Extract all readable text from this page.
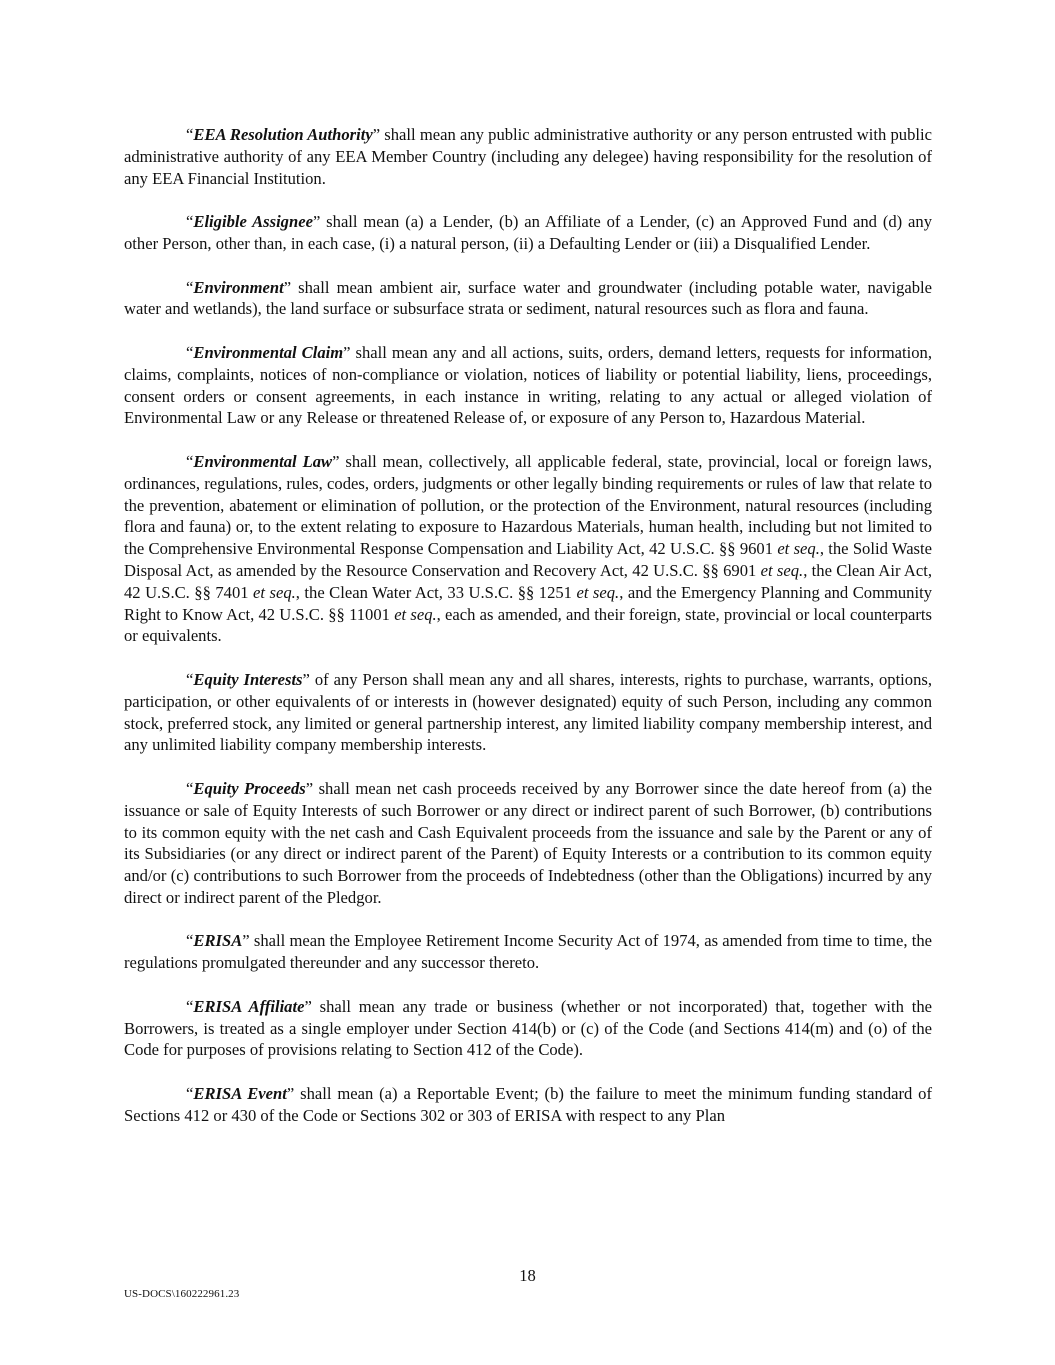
“EEA Resolution Authority” shall mean any public administrative authority or any person entrusted with public administrative authority of any EEA Member Country (including any delegee) having responsibility for the resolution of any EEA Financial Institution.

“Eligible Assignee” shall mean (a) a Lender, (b) an Affiliate of a Lender, (c) an Approved Fund and (d) any other Person, other than, in each case, (i) a natural person, (ii) a Defaulting Lender or (iii) a Disqualified Lender.

“Environment” shall mean ambient air, surface water and groundwater (including potable water, navigable water and wetlands), the land surface or subsurface strata or sediment, natural resources such as flora and fauna.

“Environmental Claim” shall mean any and all actions, suits, orders, demand letters, requests for information, claims, complaints, notices of non-compliance or violation, notices of liability or potential liability, liens, proceedings, consent orders or consent agreements, in each instance in writing, relating to any actual or alleged violation of Environmental Law or any Release or threatened Release of, or exposure of any Person to, Hazardous Material.

“Environmental Law” shall mean, collectively, all applicable federal, state, provincial, local or foreign laws, ordinances, regulations, rules, codes, orders, judgments or other legally binding requirements or rules of law that relate to the prevention, abatement or elimination of pollution, or the protection of the Environment, natural resources (including flora and fauna) or, to the extent relating to exposure to Hazardous Materials, human health, including but not limited to the Comprehensive Environmental Response Compensation and Liability Act, 42 U.S.C. §§ 9601 et seq., the Solid Waste Disposal Act, as amended by the Resource Conservation and Recovery Act, 42 U.S.C. §§ 6901 et seq., the Clean Air Act, 42 U.S.C. §§ 7401 et seq., the Clean Water Act, 33 U.S.C. §§ 1251 et seq., and the Emergency Planning and Community Right to Know Act, 42 U.S.C. §§ 11001 et seq., each as amended, and their foreign, state, provincial or local counterparts or equivalents.

“Equity Interests” of any Person shall mean any and all shares, interests, rights to purchase, warrants, options, participation, or other equivalents of or interests in (however designated) equity of such Person, including any common stock, preferred stock, any limited or general partnership interest, any limited liability company membership interest, and any unlimited liability company membership interests.

“Equity Proceeds” shall mean net cash proceeds received by any Borrower since the date hereof from (a) the issuance or sale of Equity Interests of such Borrower or any direct or indirect parent of such Borrower, (b) contributions to its common equity with the net cash and Cash Equivalent proceeds from the issuance and sale by the Parent or any of its Subsidiaries (or any direct or indirect parent of the Parent) of Equity Interests or a contribution to its common equity and/or (c) contributions to such Borrower from the proceeds of Indebtedness (other than the Obligations) incurred by any direct or indirect parent of the Pledgor.

“ERISA” shall mean the Employee Retirement Income Security Act of 1974, as amended from time to time, the regulations promulgated thereunder and any successor thereto.

“ERISA Affiliate” shall mean any trade or business (whether or not incorporated) that, together with the Borrowers, is treated as a single employer under Section 414(b) or (c) of the Code (and Sections 414(m) and (o) of the Code for purposes of provisions relating to Section 412 of the Code).

“ERISA Event” shall mean (a) a Reportable Event; (b) the failure to meet the minimum funding standard of Sections 412 or 430 of the Code or Sections 302 or 303 of ERISA with respect to any Plan

18
US-DOCS\160222961.23
